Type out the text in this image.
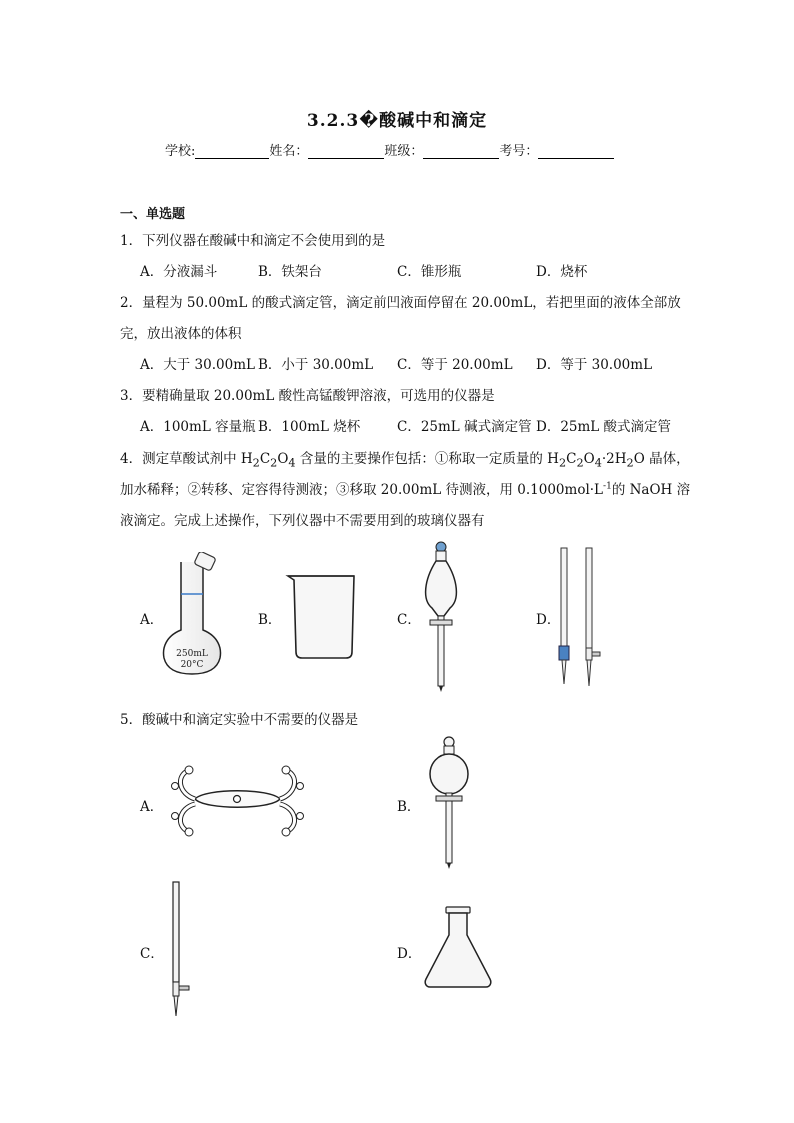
3.2.3�酸碱中和滴定
学校:	姓名：	班级：	考号：
一、单选题
1．下列仪器在酸碱中和滴定不会使用到的是
A．分液漏斗	B．铁架台	C．锥形瓶	D．烧杯
2．量程为 50.00mL 的酸式滴定管，滴定前凹液面停留在 20.00mL，若把里面的液体全部放
完，放出液体的体积
A．大于 30.00mL B．小于 30.00mL C．等于 20.00mL D．等于 30.00mL
3．要精确量取 20.00mL 酸性高锰酸钾溶液，可选用的仪器是
A．100mL 容量瓶 B．100mL 烧杯	C．25mL 碱式滴定管 D．25mL 酸式滴定管
4．测定草酸试剂中 $H_2C_2O_4$ 含量的主要操作包括：①称取一定质量的 $H_2C_2O_4\cdot 2H_2O$ 晶体，
加水稀释；②转移、定容得待测液；③移取 20.00mL 待测液，用 $0.1000mol\cdot L^{-1}$的 NaOH 溶
液滴定。完成上述操作，下列仪器中不需要用到的玻璃仪器有
A．	B．	C．	D．
250mL
20°C
5．酸碱中和滴定实验中不需要的仪器是
A．	B．
C．	D．
